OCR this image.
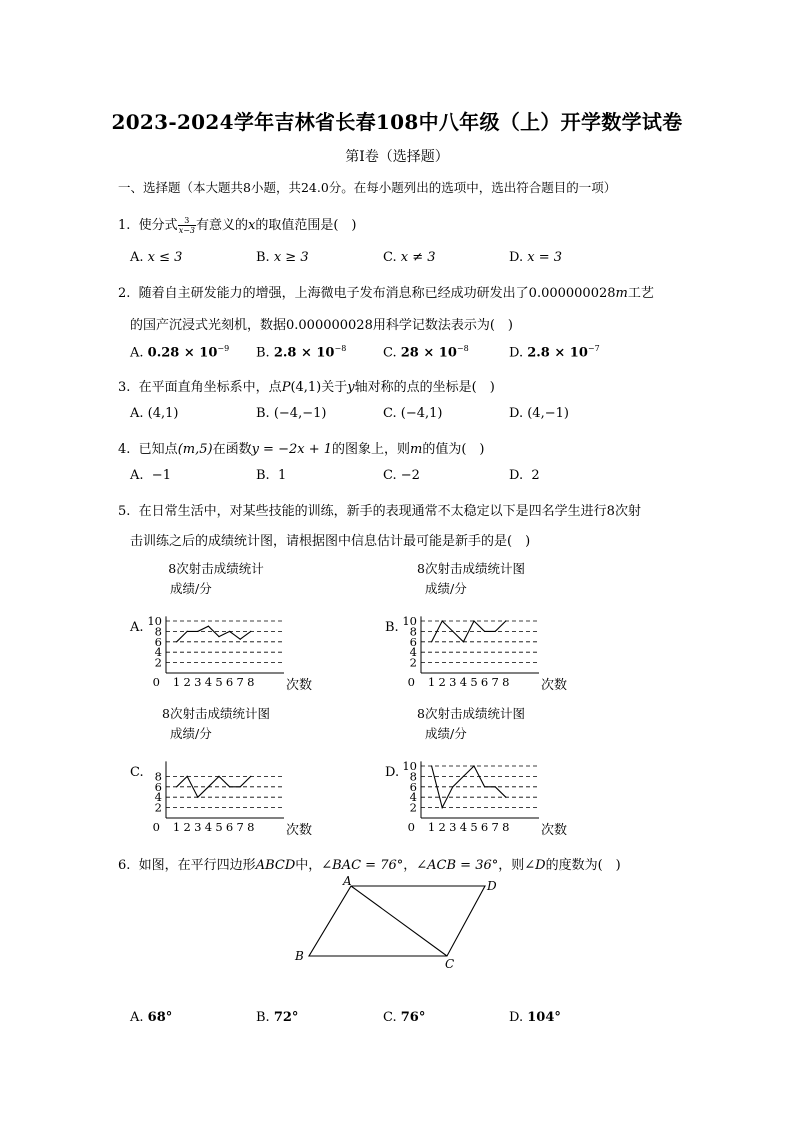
2023-2024学年吉林省长春108中八年级（上）开学数学试卷
第I卷（选择题）
一、选择题（本大题共8小题，共24.0分。在每小题列出的选项中，选出符合题目的一项）
1. 使分式 $\frac{3}{x-3}$ 有意义的x的取值范围是(　)
A. x ≤ 3	B. x ≥ 3	C. x ≠ 3	D. x = 3
2. 随着自主研发能力的增强，上海微电子发布消息称已经成功研发出了0.000000028m工艺
的国产沉浸式光刻机，数据0.000000028用科学记数法表示为(　)
A. $0.28 \times 10^{-9}$ B. $2.8 \times 10^{-8}$	C. $28 \times 10^{-8}$	D. $2.8 \times 10^{-7}$
3. 在平面直角坐标系中，点P(4,1)关于y轴对称的点的坐标是(　)
A. (4,1)	B. (−4,−1)	C. (−4,1)	D. (4,−1)
4. 已知点(m,5)在函数y = −2x + 1的图象上，则m的值为(　)
A. −1	B. 1	C. −2	D. 2
5. 在日常生活中，对某些技能的训练，新手的表现通常不太稳定以下是四名学生进行8次射
击训练之后的成绩统计图，请根据图中信息估计最可能是新手的是(　)
A.
8次射击成绩统计
成绩/分
2
4
6
8
10
0 1 2 3 4 5 6 7 8 次数
B.
8次射击成绩统计图
成绩/分
2
4
6
8
10
0 1 2 3 4 5 6 7 8 次数
C.
8次射击成绩统计图
成绩/分
2
4
6
8
0 1 2 3 4 5 6 7 8 次数
D.
8次射击成绩统计图
成绩/分
2
4
6
8
10
0 1 2 3 4 5 6 7 8 次数
6. 如图，在平行四边形ABCD中，∠BAC = 76°，∠ACB = 36°，则∠D的度数为(　)
A	D
B
C
A. 68°	B. 72°	C. 76°	D. 104°
